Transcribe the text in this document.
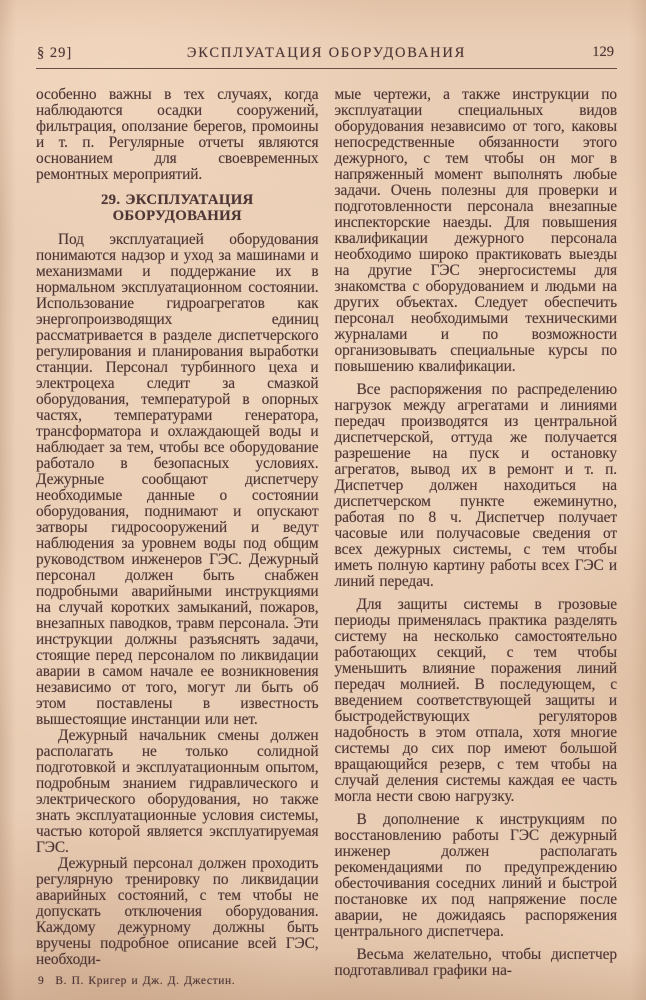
§ 29]	ЭКСПЛУАТАЦИЯ ОБОРУДОВАНИЯ	129

особенно важны в тех случаях, когда наблюдаются осадки сооружений, фильтрация, оползание берегов, промоины и т. п. Регулярные отчеты являются основанием для своевременных ремонтных мероприятий.

29. ЭКСПЛУАТАЦИЯ ОБОРУДОВАНИЯ

Под эксплуатацией оборудования понимаются надзор и уход за машинами и механизмами и поддержание их в нормальном эксплуатационном состоянии. Использование гидроагрегатов как энергопроизводящих единиц рассматривается в разделе диспетчерского регулирования и планирования выработки станции. Персонал турбинного цеха и электроцеха следит за смазкой оборудования, температурой в опорных частях, температурами генератора, трансформатора и охлаждающей воды и наблюдает за тем, чтобы все оборудование работало в безопасных условиях. Дежурные сообщают диспетчеру необходимые данные о состоянии оборудования, поднимают и опускают затворы гидросооружений и ведут наблюдения за уровнем воды под общим руководством инженеров ГЭС. Дежурный персонал должен быть снабжен подробными аварийными инструкциями на случай коротких замыканий, пожаров, внезапных паводков, травм персонала. Эти инструкции должны разъяснять задачи, стоящие перед персоналом по ликвидации аварии в самом начале ее возникновения независимо от того, могут ли быть об этом поставлены в известность вышестоящие инстанции или нет.

Дежурный начальник смены должен располагать не только солидной подготовкой и эксплуатационным опытом, подробным знанием гидравлического и электрического оборудования, но также знать эксплуатационные условия системы, частью которой является эксплуатируемая ГЭС.

Дежурный персонал должен проходить регулярную тренировку по ликвидации аварийных состояний, с тем чтобы не допускать отключения оборудования. Каждому дежурному должны быть вручены подробное описание всей ГЭС, необходи-

9 В. П. Кригер и Дж. Д. Джестин.

мые чертежи, а также инструкции по эксплуатации специальных видов оборудования независимо от того, каковы непосредственные обязанности этого дежурного, с тем чтобы он мог в напряженный момент выполнять любые задачи. Очень полезны для проверки и подготовленности персонала внезапные инспекторские наезды. Для повышения квалификации дежурного персонала необходимо широко практиковать выезды на другие ГЭС энергосистемы для знакомства с оборудованием и людьми на других объектах. Следует обеспечить персонал необходимыми техническими журналами и по возможности организовывать специальные курсы по повышению квалификации.

Все распоряжения по распределению нагрузок между агрегатами и линиями передач производятся из центральной диспетчерской, оттуда же получается разрешение на пуск и остановку агрегатов, вывод их в ремонт и т. п. Диспетчер должен находиться на диспетчерском пункте ежеминутно, работая по 8 ч. Диспетчер получает часовые или получасовые сведения от всех дежурных системы, с тем чтобы иметь полную картину работы всех ГЭС и линий передач.

Для защиты системы в грозовые периоды применялась практика разделять систему на несколько самостоятельно работающих секций, с тем чтобы уменьшить влияние поражения линий передач молнией. В последующем, с введением соответствующей защиты и быстродействующих регуляторов надобность в этом отпала, хотя многие системы до сих пор имеют большой вращающийся резерв, с тем чтобы на случай деления системы каждая ее часть могла нести свою нагрузку.

В дополнение к инструкциям по восстановлению работы ГЭС дежурный инженер должен располагать рекомендациями по предупреждению обесточивания соседних линий и быстрой постановке их под напряжение после аварии, не дожидаясь распоряжения центрального диспетчера.

Весьма желательно, чтобы диспетчер подготавливал графики на-
